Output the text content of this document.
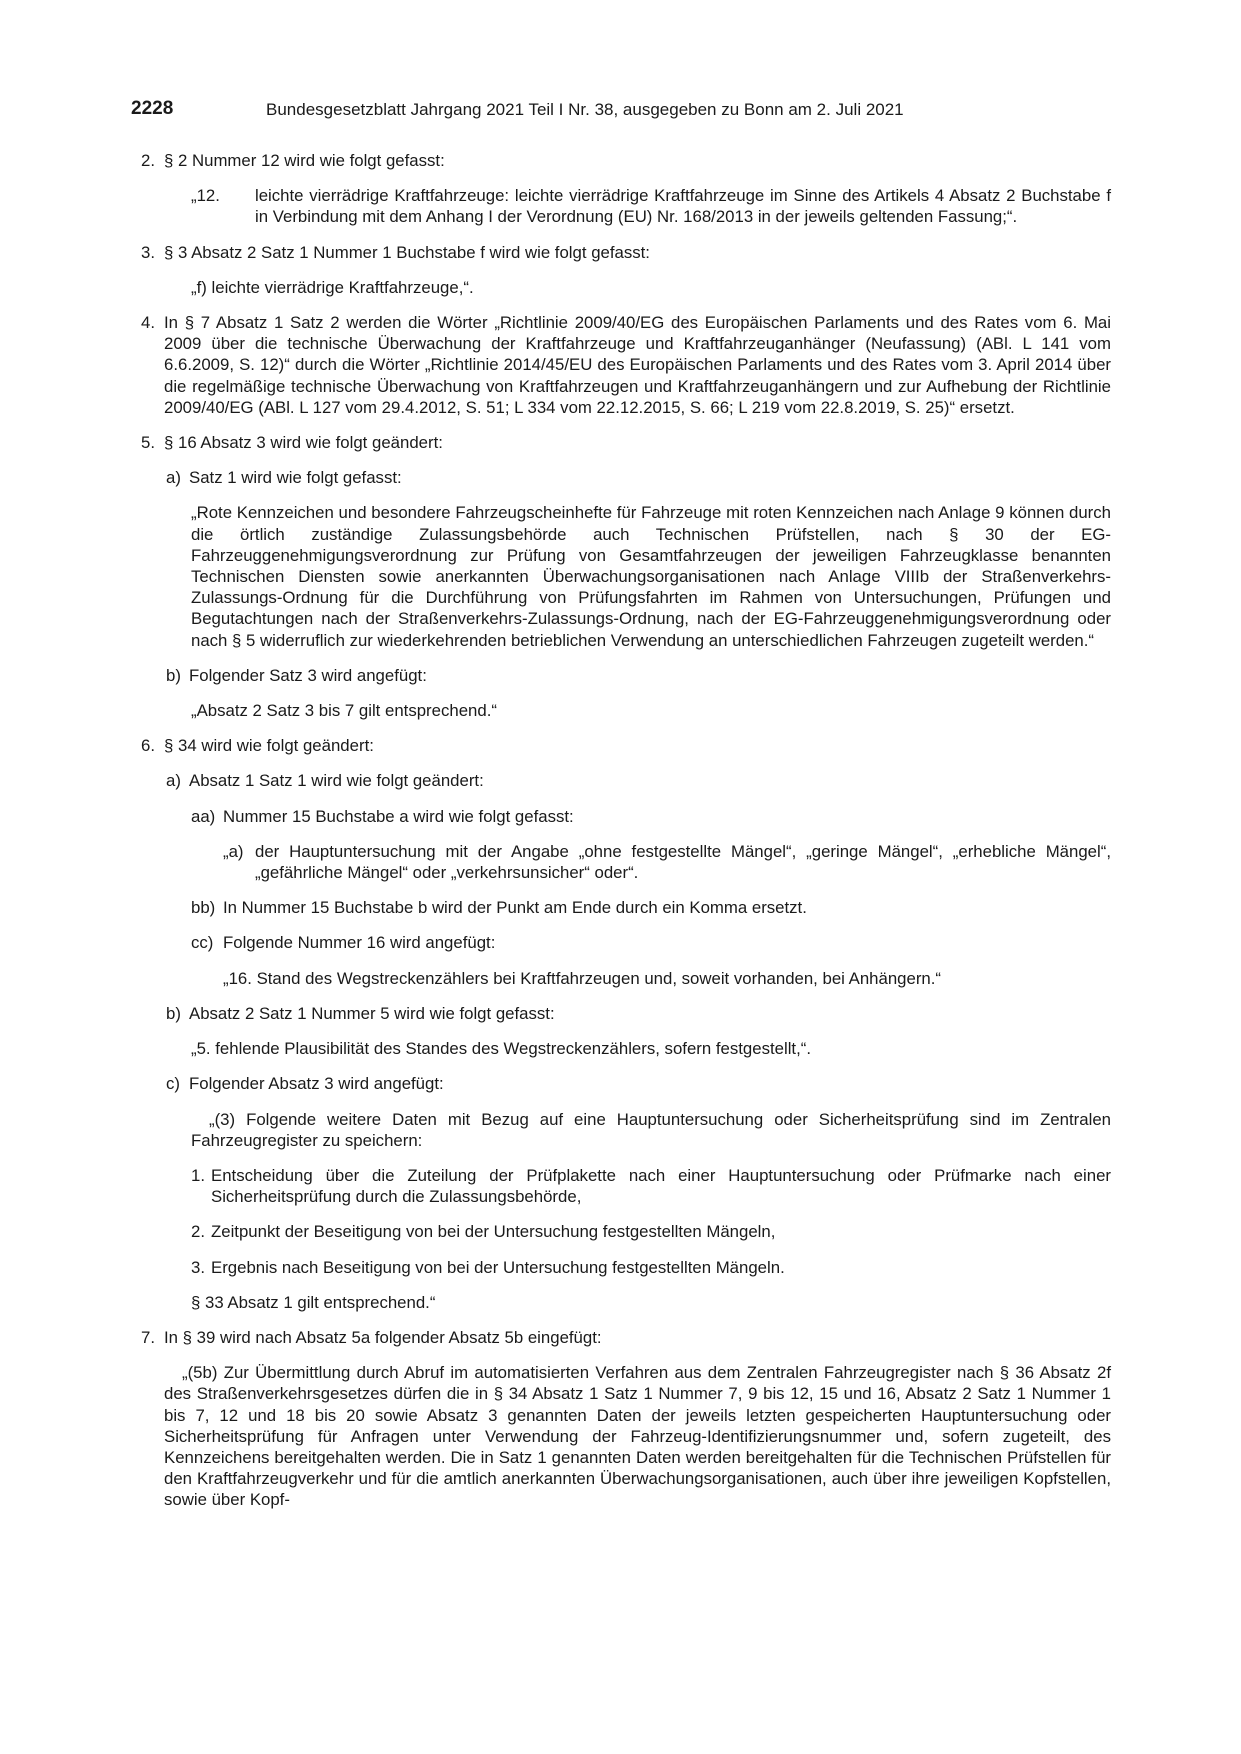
2228	Bundesgesetzblatt Jahrgang 2021 Teil I Nr. 38, ausgegeben zu Bonn am 2. Juli 2021
2. § 2 Nummer 12 wird wie folgt gefasst:
„12. leichte vierrädrige Kraftfahrzeuge: leichte vierrädrige Kraftfahrzeuge im Sinne des Artikels 4 Absatz 2 Buchstabe f in Verbindung mit dem Anhang I der Verordnung (EU) Nr. 168/2013 in der jeweils geltenden Fassung;“.
3. § 3 Absatz 2 Satz 1 Nummer 1 Buchstabe f wird wie folgt gefasst:
„f) leichte vierrädrige Kraftfahrzeuge,“.
4. In § 7 Absatz 1 Satz 2 werden die Wörter „Richtlinie 2009/40/EG des Europäischen Parlaments und des Rates vom 6. Mai 2009 über die technische Überwachung der Kraftfahrzeuge und Kraftfahrzeuganhänger (Neufassung) (ABl. L 141 vom 6.6.2009, S. 12)“ durch die Wörter „Richtlinie 2014/45/EU des Europäischen Parlaments und des Rates vom 3. April 2014 über die regelmäßige technische Überwachung von Kraftfahrzeugen und Kraftfahrzeuganhängern und zur Aufhebung der Richtlinie 2009/40/EG (ABl. L 127 vom 29.4.2012, S. 51; L 334 vom 22.12.2015, S. 66; L 219 vom 22.8.2019, S. 25)“ ersetzt.
5. § 16 Absatz 3 wird wie folgt geändert:
a) Satz 1 wird wie folgt gefasst:
„Rote Kennzeichen und besondere Fahrzeugscheinhefte für Fahrzeuge mit roten Kennzeichen nach Anlage 9 können durch die örtlich zuständige Zulassungsbehörde auch Technischen Prüfstellen, nach § 30 der EG-Fahrzeuggenehmigungsverordnung zur Prüfung von Gesamtfahrzeugen der jeweiligen Fahrzeugklasse benannten Technischen Diensten sowie anerkannten Überwachungsorganisationen nach Anlage VIIIb der Straßenverkehrs-Zulassungs-Ordnung für die Durchführung von Prüfungsfahrten im Rahmen von Untersuchungen, Prüfungen und Begutachtungen nach der Straßenverkehrs-Zulassungs-Ordnung, nach der EG-Fahrzeuggenehmigungsverordnung oder nach § 5 widerruflich zur wiederkehrenden betrieblichen Verwendung an unterschiedlichen Fahrzeugen zugeteilt werden.“
b) Folgender Satz 3 wird angefügt:
„Absatz 2 Satz 3 bis 7 gilt entsprechend.“
6. § 34 wird wie folgt geändert:
a) Absatz 1 Satz 1 wird wie folgt geändert:
aa) Nummer 15 Buchstabe a wird wie folgt gefasst:
„a) der Hauptuntersuchung mit der Angabe „ohne festgestellte Mängel“, „geringe Mängel“, „erhebliche Mängel“, „gefährliche Mängel“ oder „verkehrsunsicher“ oder“.
bb) In Nummer 15 Buchstabe b wird der Punkt am Ende durch ein Komma ersetzt.
cc) Folgende Nummer 16 wird angefügt:
„16. Stand des Wegstreckenzählers bei Kraftfahrzeugen und, soweit vorhanden, bei Anhängern.“
b) Absatz 2 Satz 1 Nummer 5 wird wie folgt gefasst:
„5. fehlende Plausibilität des Standes des Wegstreckenzählers, sofern festgestellt,“.
c) Folgender Absatz 3 wird angefügt:
„(3) Folgende weitere Daten mit Bezug auf eine Hauptuntersuchung oder Sicherheitsprüfung sind im Zentralen Fahrzeugregister zu speichern:
1. Entscheidung über die Zuteilung der Prüfplakette nach einer Hauptuntersuchung oder Prüfmarke nach einer Sicherheitsprüfung durch die Zulassungsbehörde,
2. Zeitpunkt der Beseitigung von bei der Untersuchung festgestellten Mängeln,
3. Ergebnis nach Beseitigung von bei der Untersuchung festgestellten Mängeln.
§ 33 Absatz 1 gilt entsprechend.“
7. In § 39 wird nach Absatz 5a folgender Absatz 5b eingefügt:
„(5b) Zur Übermittlung durch Abruf im automatisierten Verfahren aus dem Zentralen Fahrzeugregister nach § 36 Absatz 2f des Straßenverkehrsgesetzes dürfen die in § 34 Absatz 1 Satz 1 Nummer 7, 9 bis 12, 15 und 16, Absatz 2 Satz 1 Nummer 1 bis 7, 12 und 18 bis 20 sowie Absatz 3 genannten Daten der jeweils letzten gespeicherten Hauptuntersuchung oder Sicherheitsprüfung für Anfragen unter Verwendung der Fahrzeug-Identifizierungsnummer und, sofern zugeteilt, des Kennzeichens bereitgehalten werden. Die in Satz 1 genannten Daten werden bereitgehalten für die Technischen Prüfstellen für den Kraftfahrzeugverkehr und für die amtlich anerkannten Überwachungsorganisationen, auch über ihre jeweiligen Kopfstellen, sowie über Kopf-
